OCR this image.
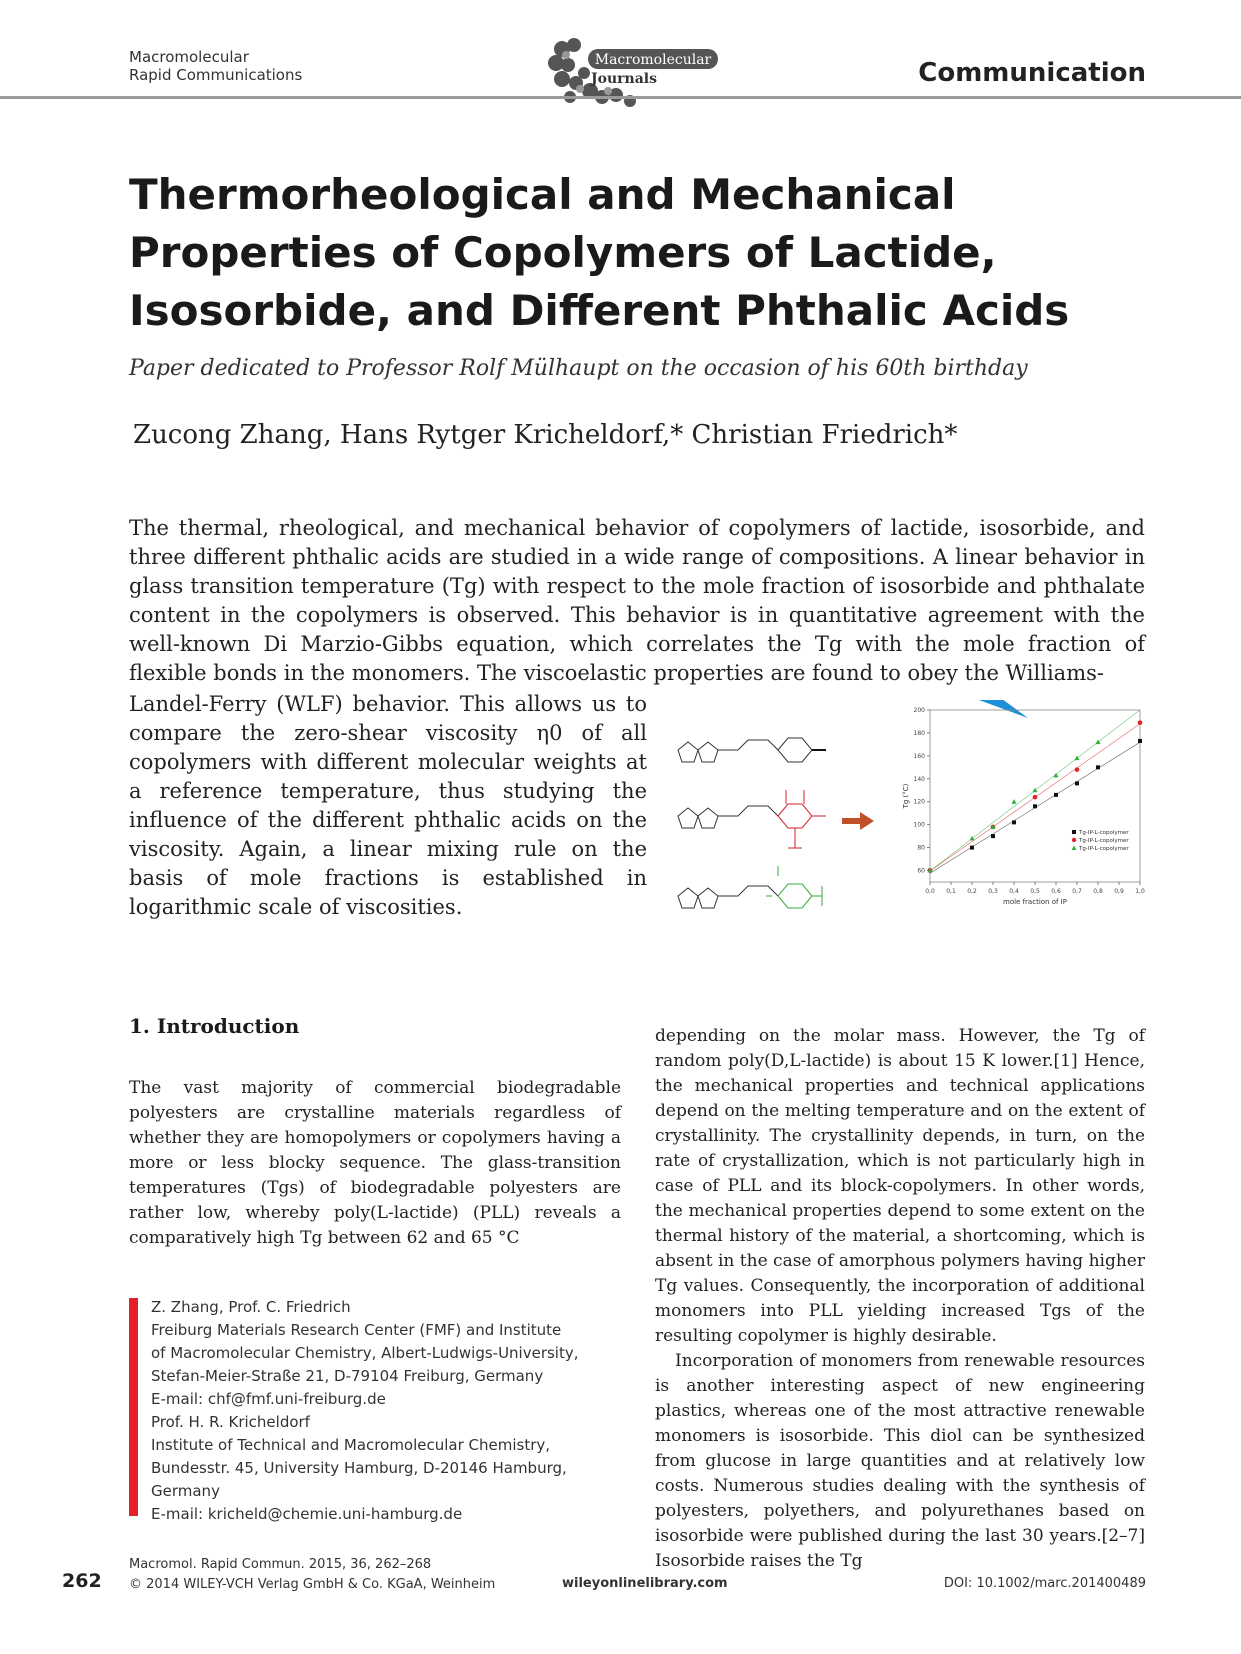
Macromolecular
Rapid Communications
Macromolecular
Journals	Communication
Thermorheological and Mechanical Properties of Copolymers of Lactide, Isosorbide, and Different Phthalic Acids
Paper dedicated to Professor Rolf Mülhaupt on the occasion of his 60th birthday
Zucong Zhang, Hans Rytger Kricheldorf,* Christian Friedrich*
The thermal, rheological, and mechanical behavior of copolymers of lactide, isosorbide, and three different phthalic acids are studied in a wide range of compositions. A linear behavior in glass transition temperature (Tg) with respect to the mole fraction of isosorbide and phthalate content in the copolymers is observed. This behavior is in quantitative agreement with the well-known Di Marzio-Gibbs equation, which correlates the Tg with the mole fraction of flexible bonds in the monomers. The viscoelastic properties are found to obey the Williams-
Landel-Ferry (WLF) behavior. This allows us to compare the zero-shear viscosity η0 of all copolymers with different molecular weights at a reference temperature, thus studying the influence of the different phthalic acids on the viscosity. Again, a linear mixing rule on the basis of mole fractions is established in logarithmic scale of viscosities.
60
80
100
120
140
160
180
200
0,0 0,1 0,2 0,3 0,4 0,5 0,6 0,7 0,8 0,9 1,0
mole fraction of IP
Tg (°C)
Tg-IP-L-copolymer
Tg-IP-L-copolymer
Tg-IP-L-copolymer
1. Introduction
The vast majority of commercial biodegradable polyesters are crystalline materials regardless of whether they are homopolymers or copolymers having a more or less blocky sequence. The glass-transition temperatures (Tgs) of biodegradable polyesters are rather low, whereby poly(L-lactide) (PLL) reveals a comparatively high Tg between 62 and 65 °C

depending on the molar mass. However, the Tg of random poly(D,L-lactide) is about 15 K lower.[1] Hence, the mechanical properties and technical applications depend on the melting temperature and on the extent of crystallinity. The crystallinity depends, in turn, on the rate of crystallization, which is not particularly high in case of PLL and its block-copolymers. In other words, the mechanical properties depend to some extent on the thermal history of the material, a shortcoming, which is absent in the case of amorphous polymers having higher Tg values. Consequently, the incorporation of additional monomers into PLL yielding increased Tgs of the resulting copolymer is highly desirable.

Incorporation of monomers from renewable resources is another interesting aspect of new engineering plastics, whereas one of the most attractive renewable monomers is isosorbide. This diol can be synthesized from glucose in large quantities and at relatively low costs. Numerous studies dealing with the synthesis of polyesters, polyethers, and polyurethanes based on isosorbide were published during the last 30 years.[2–7] Isosorbide raises the Tg

Z. Zhang, Prof. C. Friedrich
Freiburg Materials Research Center (FMF) and Institute
of Macromolecular Chemistry, Albert-Ludwigs-University,
Stefan-Meier-Straße 21, D-79104 Freiburg, Germany
E-mail: chf@fmf.uni-freiburg.de
Prof. H. R. Kricheldorf
Institute of Technical and Macromolecular Chemistry,
Bundesstr. 45, University Hamburg, D-20146 Hamburg,
Germany
E-mail: kricheld@chemie.uni-hamburg.de
262
Macromol. Rapid Commun. 2015, 36, 262–268
© 2014 WILEY-VCH Verlag GmbH & Co. KGaA, Weinheim	wileyonlinelibrary.com	DOI: 10.1002/marc.201400489
